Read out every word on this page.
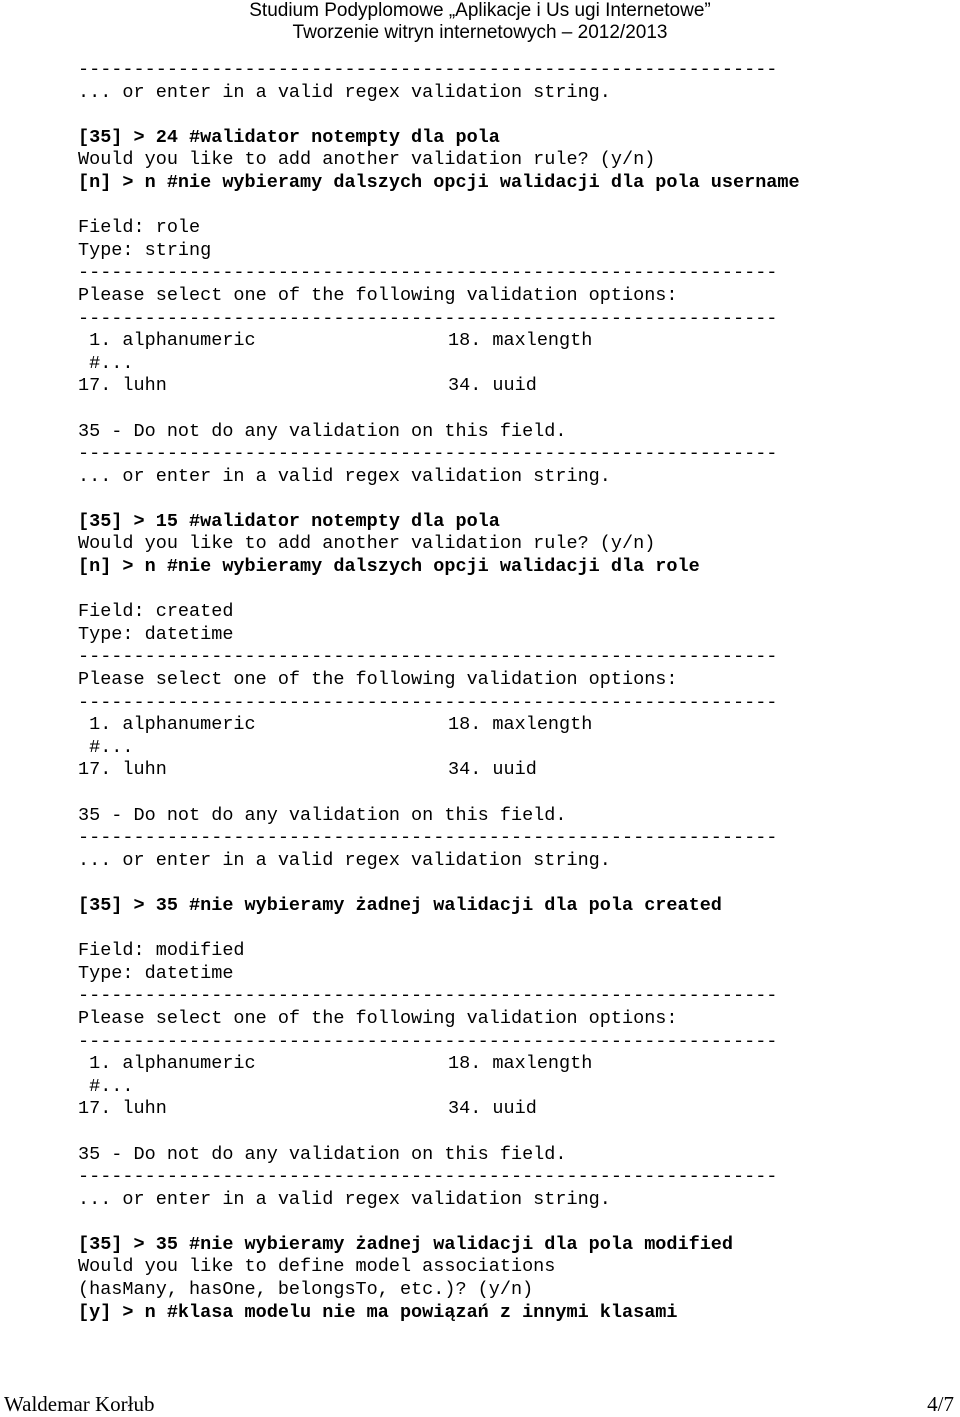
Studium Podyplomowe „Aplikacje i Us ugi Internetowe”
Tworzenie witryn internetowych – 2012/2013
---------------------------------------------------------------
... or enter in a valid regex validation string.
[35] > 24 #walidator notempty dla pola
Would you like to add another validation rule? (y/n)
[n] > n #nie wybieramy dalszych opcji walidacji dla pola username
Field: role
Type: string
---------------------------------------------------------------
Please select one of the following validation options:
---------------------------------------------------------------
1. alphanumeric	18. maxlength
#...
17. luhn	34. uuid
35 - Do not do any validation on this field.
---------------------------------------------------------------
... or enter in a valid regex validation string.
[35] > 15 #walidator notempty dla pola
Would you like to add another validation rule? (y/n)
[n] > n #nie wybieramy dalszych opcji walidacji dla role
Field: created
Type: datetime
---------------------------------------------------------------
Please select one of the following validation options:
---------------------------------------------------------------
1. alphanumeric	18. maxlength
#...
17. luhn	34. uuid
35 - Do not do any validation on this field.
---------------------------------------------------------------
... or enter in a valid regex validation string.
[35] > 35 #nie wybieramy żadnej walidacji dla pola created
Field: modified
Type: datetime
---------------------------------------------------------------
Please select one of the following validation options:
---------------------------------------------------------------
1. alphanumeric	18. maxlength
#...
17. luhn	34. uuid
35 - Do not do any validation on this field.
---------------------------------------------------------------
... or enter in a valid regex validation string.
[35] > 35 #nie wybieramy żadnej walidacji dla pola modified
Would you like to define model associations
(hasMany, hasOne, belongsTo, etc.)? (y/n)
[y] > n #klasa modelu nie ma powiązań z innymi klasami
Waldemar Korłub	4/7
